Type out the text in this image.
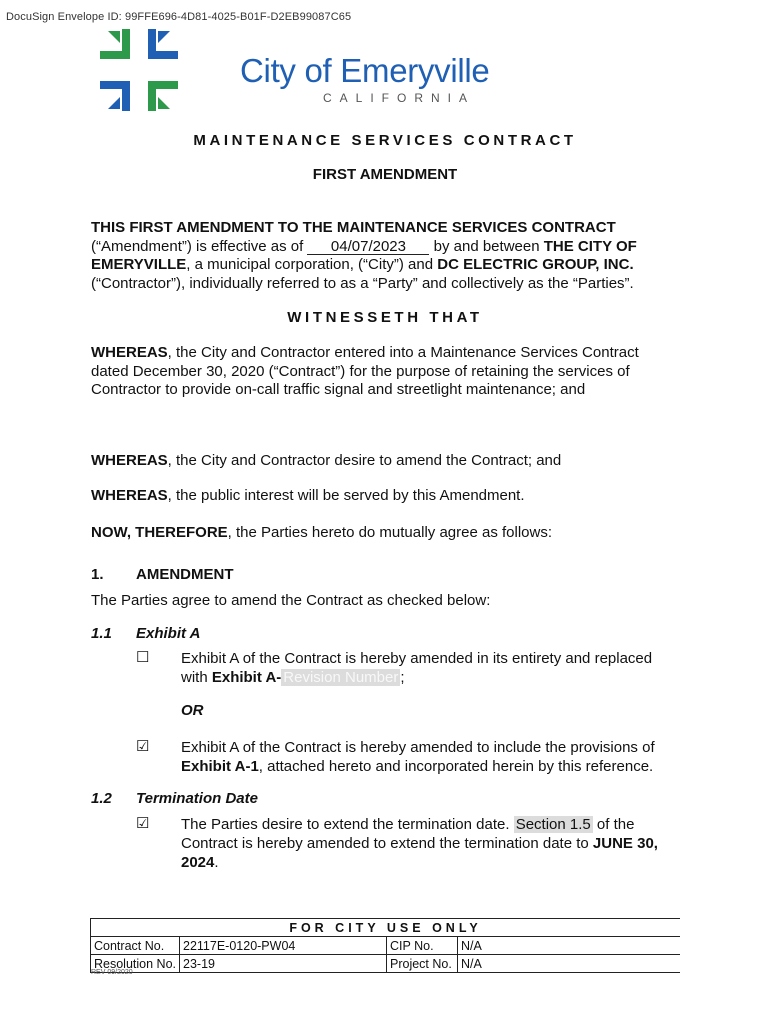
DocuSign Envelope ID: 99FFE696-4D81-4025-B01F-D2EB99087C65
City of Emeryville
CALIFORNIA
MAINTENANCE SERVICES CONTRACT
FIRST AMENDMENT
THIS FIRST AMENDMENT TO THE MAINTENANCE SERVICES CONTRACT
(“Amendment”) is effective as of 04/07/2023 by and between THE CITY OF
EMERYVILLE, a municipal corporation, (“City”) and DC ELECTRIC GROUP, INC.
(“Contractor”), individually referred to as a “Party” and collectively as the “Parties”.
WITNESSETH THAT
WHEREAS, the City and Contractor entered into a Maintenance Services Contract
dated December 30, 2020 (“Contract”) for the purpose of retaining the services of
Contractor to provide on-call traffic signal and streetlight maintenance; and
WHEREAS, the City and Contractor desire to amend the Contract; and
WHEREAS, the public interest will be served by this Amendment.
NOW, THEREFORE, the Parties hereto do mutually agree as follows:
1. AMENDMENT
The Parties agree to amend the Contract as checked below:
1.1 Exhibit A
☐ Exhibit A of the Contract is hereby amended in its entirety and replaced
with Exhibit A- Revision Number ;
OR
☑ Exhibit A of the Contract is hereby amended to include the provisions of
Exhibit A-1, attached hereto and incorporated herein by this reference.
1.2 Termination Date
☑ The Parties desire to extend the termination date. Section 1.5 of the
Contract is hereby amended to extend the termination date to JUNE 30,
2024.
FOR CITY USE ONLY			
Contract No.	22117E-0120-PW04	CIP No.	N/A
Resolution No.	23-19	Project No.	N/A
REV 09/2020
